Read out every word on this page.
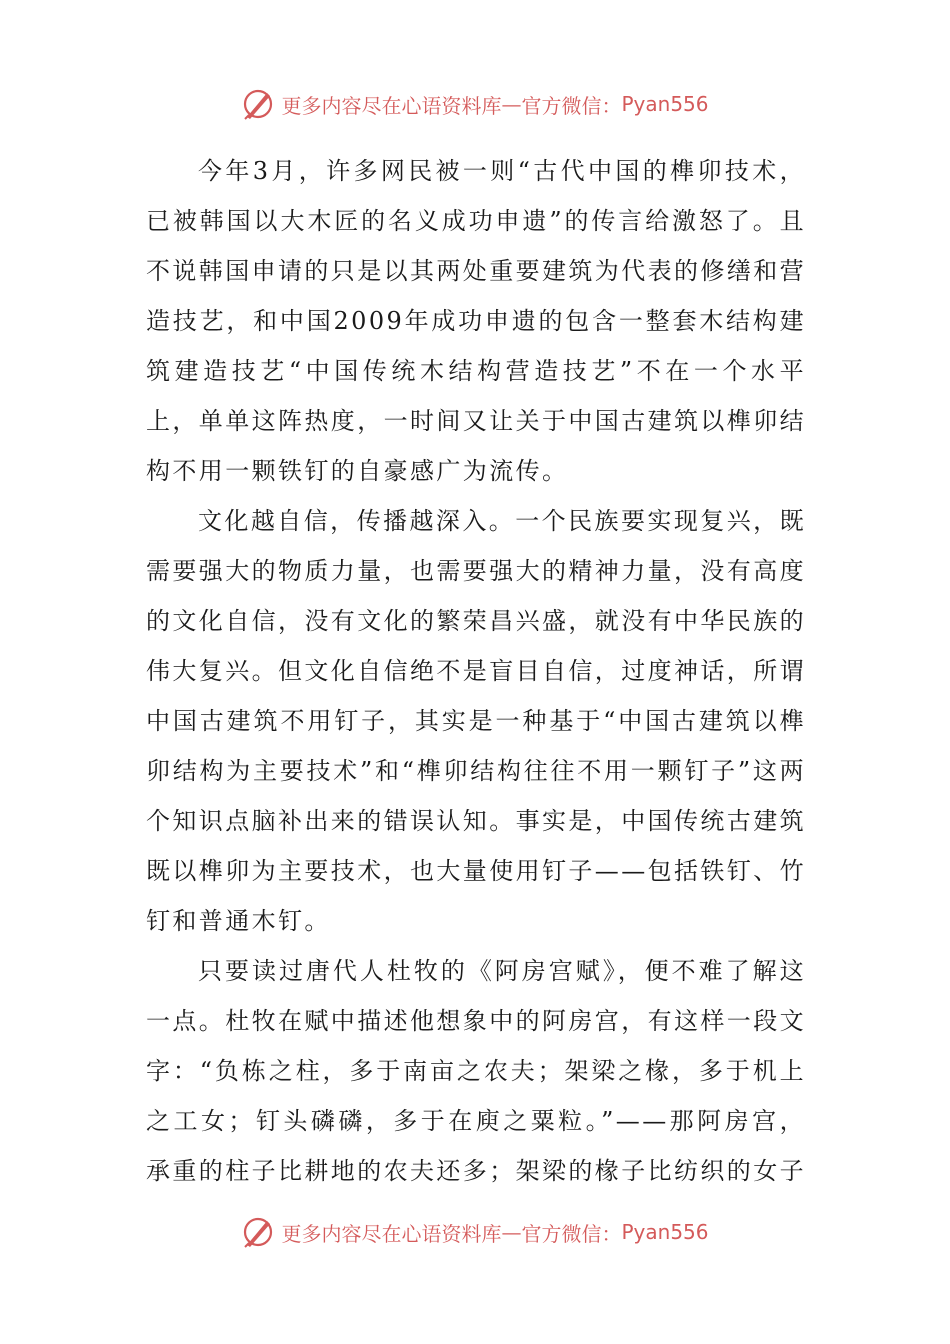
更多内容尽在心语资料库 — 官方微信： Pyan556

今年3月，许多网民被一则“古代中国的榫卯技术，已被韩国以大木匠的名义成功申遗”的传言给激怒了。且不说韩国申请的只是以其两处重要建筑为代表的修缮和营造技艺，和中国2009年成功申遗的包含一整套木结构建筑建造技艺“中国传统木结构营造技艺”不在一个水平上，单单这阵热度，一时间又让关于中国古建筑以榫卯结构不用一颗铁钉的自豪感广为流传。

文化越自信，传播越深入。一个民族要实现复兴，既需要强大的物质力量，也需要强大的精神力量，没有高度的文化自信，没有文化的繁荣昌兴盛，就没有中华民族的伟大复兴。但文化自信绝不是盲目自信，过度神话，所谓中国古建筑不用钉子，其实是一种基于“中国古建筑以榫卯结构为主要技术”和“榫卯结构往往不用一颗钉子”这两个知识点脑补出来的错误认知。事实是，中国传统古建筑既以榫卯为主要技术，也大量使用钉子——包括铁钉、竹钉和普通木钉。

只要读过唐代人杜牧的《阿房宫赋》，便不难了解这一点。杜牧在赋中描述他想象中的阿房宫，有这样一段文字：“负栋之柱，多于南亩之农夫；架梁之椽，多于机上之工女；钉头磷磷，多于在庾之粟粒。”——那阿房宫，承重的柱子比耕地的农夫还多；架梁的椽子比纺织的女子

更多内容尽在心语资料库 — 官方微信： Pyan556
